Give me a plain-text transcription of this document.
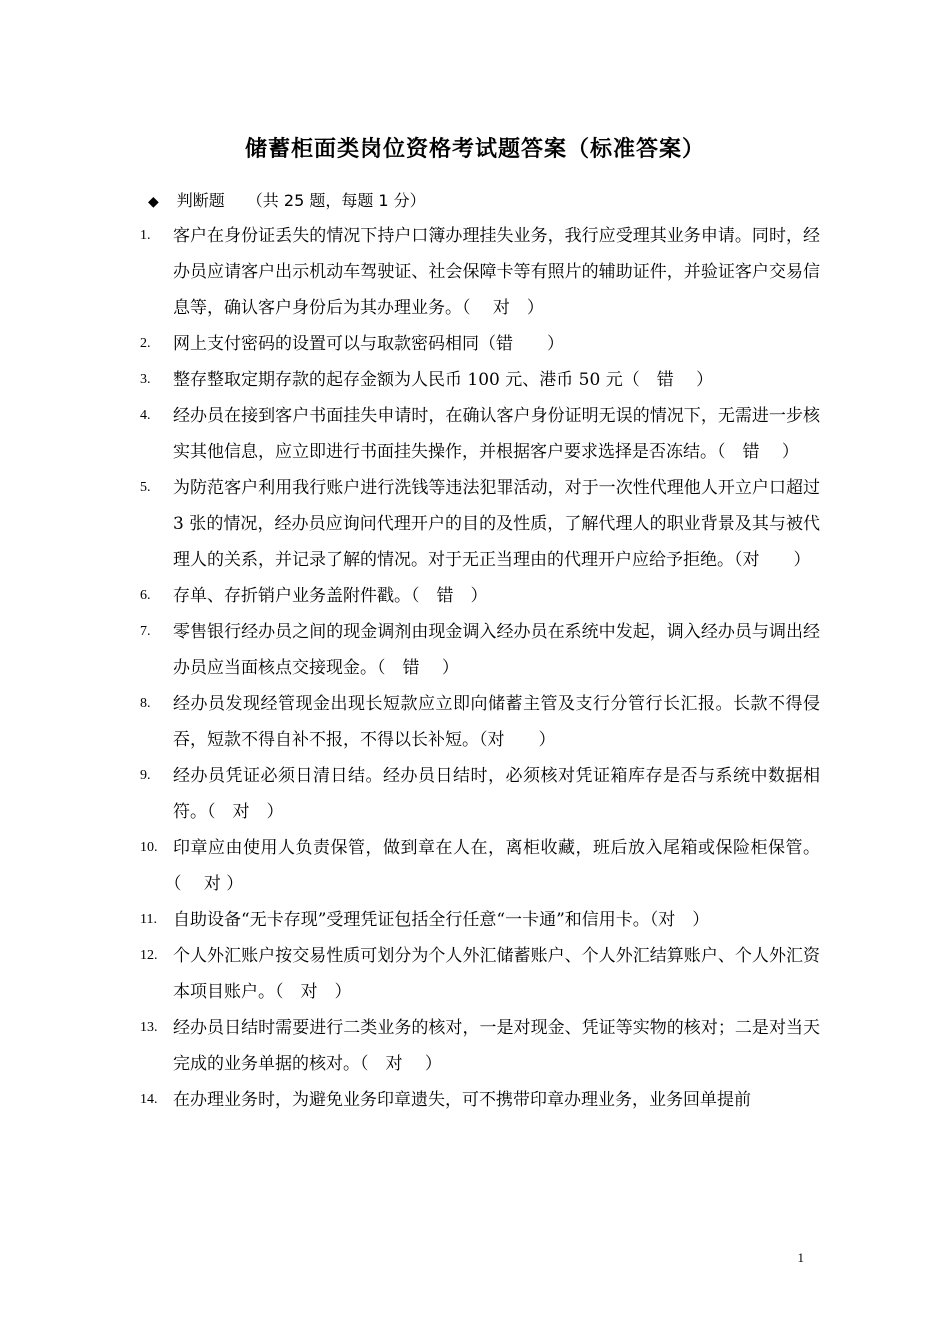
储蓄柜面类岗位资格考试题答案（标准答案）
◆ 判断题 （共 25 题，每题 1 分）
1. 客户在身份证丢失的情况下持户口簿办理挂失业务，我行应受理其业务申请。同时，经办员应请客户出示机动车驾驶证、社会保障卡等有照片的辅助证件，并验证客户交易信息等，确认客户身份后为其办理业务。（　 对　）
2. 网上支付密码的设置可以与取款密码相同（错　　）
3. 整存整取定期存款的起存金额为人民币 100 元、港币 50 元（　错　 ）
4. 经办员在接到客户书面挂失申请时，在确认客户身份证明无误的情况下，无需进一步核实其他信息，应立即进行书面挂失操作，并根据客户要求选择是否冻结。（　错　 ）
5. 为防范客户利用我行账户进行洗钱等违法犯罪活动，对于一次性代理他人开立户口超过 3 张的情况，经办员应询问代理开户的目的及性质，了解代理人的职业背景及其与被代理人的关系，并记录了解的情况。对于无正当理由的代理开户应给予拒绝。（对　　）
6. 存单、存折销户业务盖附件戳。（　错　）
7. 零售银行经办员之间的现金调剂由现金调入经办员在系统中发起，调入经办员与调出经办员应当面核点交接现金。（　错　 ）
8. 经办员发现经管现金出现长短款应立即向储蓄主管及支行分管行长汇报。长款不得侵吞，短款不得自补不报，不得以长补短。（对　　）
9. 经办员凭证必须日清日结。经办员日结时，必须核对凭证箱库存是否与系统中数据相符。（　对　）
10. 印章应由使用人负责保管，做到章在人在，离柜收藏，班后放入尾箱或保险柜保管。（　 对 ）
11. 自助设备“无卡存现”受理凭证包括全行任意“一卡通”和信用卡。（对　）
12. 个人外汇账户按交易性质可划分为个人外汇储蓄账户、个人外汇结算账户、个人外汇资本项目账户。（　对　）
13. 经办员日结时需要进行二类业务的核对，一是对现金、凭证等实物的核对；二是对当天完成的业务单据的核对。（　对　 ）
14. 在办理业务时，为避免业务印章遗失，可不携带印章办理业务，业务回单提前
1
